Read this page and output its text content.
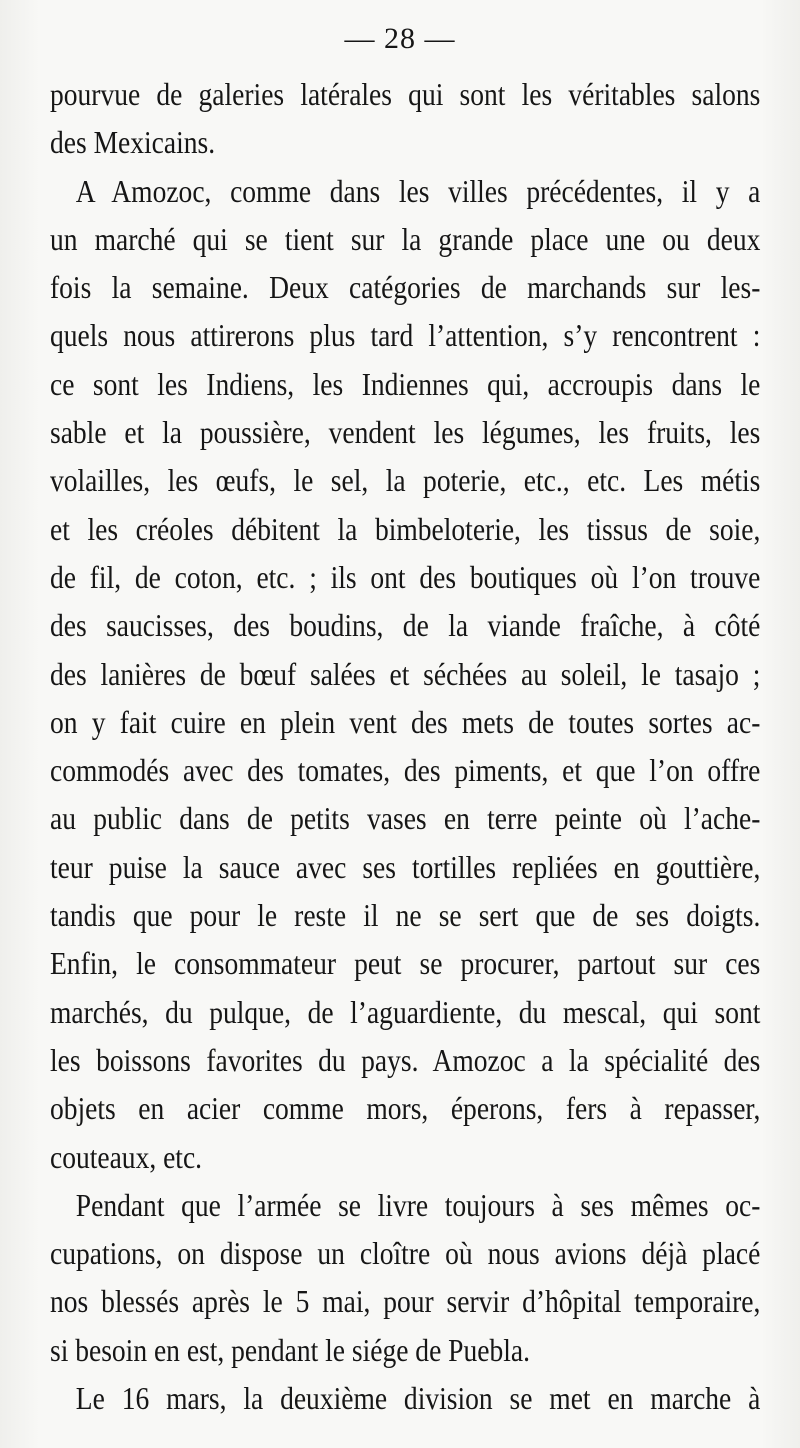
— 28 —
pourvue de galeries latérales qui sont les véritables salons
des Mexicains.
A Amozoc, comme dans les villes précédentes, il y a
un marché qui se tient sur la grande place une ou deux
fois la semaine. Deux catégories de marchands sur les-
quels nous attirerons plus tard l’attention, s’y rencontrent :
ce sont les Indiens, les Indiennes qui, accroupis dans le
sable et la poussière, vendent les légumes, les fruits, les
volailles, les œufs, le sel, la poterie, etc., etc. Les métis
et les créoles débitent la bimbeloterie, les tissus de soie,
de fil, de coton, etc. ; ils ont des boutiques où l’on trouve
des saucisses, des boudins, de la viande fraîche, à côté
des lanières de bœuf salées et séchées au soleil, le tasajo ;
on y fait cuire en plein vent des mets de toutes sortes ac-
commodés avec des tomates, des piments, et que l’on offre
au public dans de petits vases en terre peinte où l’ache-
teur puise la sauce avec ses tortilles repliées en gouttière,
tandis que pour le reste il ne se sert que de ses doigts.
Enfin, le consommateur peut se procurer, partout sur ces
marchés, du pulque, de l’aguardiente, du mescal, qui sont
les boissons favorites du pays. Amozoc a la spécialité des
objets en acier comme mors, éperons, fers à repasser,
couteaux, etc.
Pendant que l’armée se livre toujours à ses mêmes oc-
cupations, on dispose un cloître où nous avions déjà placé
nos blessés après le 5 mai, pour servir d’hôpital temporaire,
si besoin en est, pendant le siége de Puebla.
Le 16 mars, la deuxième division se met en marche à
